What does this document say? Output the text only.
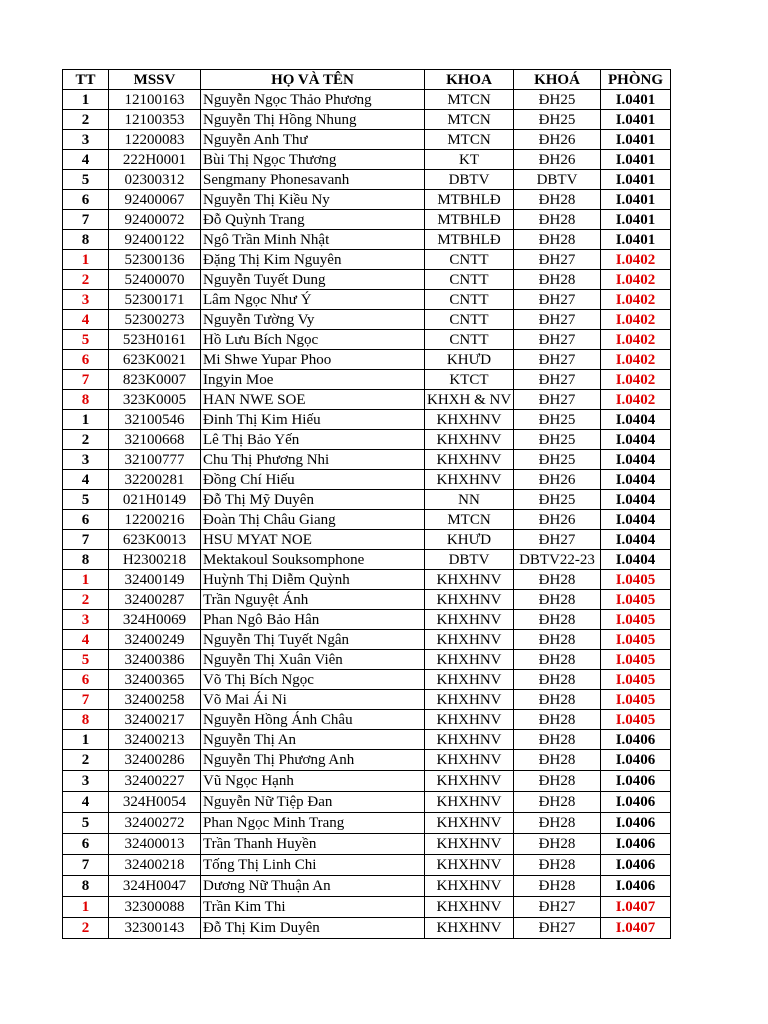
TT	MSSV	HỌ VÀ TÊN	KHOA	KHOÁ	PHÒNG
1	12100163	Nguyễn Ngọc Thảo Phương	MTCN	ĐH25	I.0401
2	12100353	Nguyễn Thị Hồng Nhung	MTCN	ĐH25	I.0401
3	12200083	Nguyễn Anh Thư	MTCN	ĐH26	I.0401
4	222H0001	Bùi Thị Ngọc Thương	KT	ĐH26	I.0401
5	02300312	Sengmany Phonesavanh	DBTV	DBTV	I.0401
6	92400067	Nguyễn Thị Kiều Ny	MTBHLĐ	ĐH28	I.0401
7	92400072	Đỗ Quỳnh Trang	MTBHLĐ	ĐH28	I.0401
8	92400122	Ngô Trần Minh Nhật	MTBHLĐ	ĐH28	I.0401
1	52300136	Đặng Thị Kim Nguyên	CNTT	ĐH27	I.0402
2	52400070	Nguyễn Tuyết Dung	CNTT	ĐH28	I.0402
3	52300171	Lâm Ngọc Như Ý	CNTT	ĐH27	I.0402
4	52300273	Nguyễn Tường Vy	CNTT	ĐH27	I.0402
5	523H0161	Hồ Lưu Bích Ngọc	CNTT	ĐH27	I.0402
6	623K0021	Mi Shwe Yupar Phoo	KHƯD	ĐH27	I.0402
7	823K0007	Ingyin Moe	KTCT	ĐH27	I.0402
8	323K0005	HAN NWE SOE	KHXH & NV	ĐH27	I.0402
1	32100546	Đinh Thị Kim Hiếu	KHXHNV	ĐH25	I.0404
2	32100668	Lê Thị Bảo Yến	KHXHNV	ĐH25	I.0404
3	32100777	Chu Thị Phương Nhi	KHXHNV	ĐH25	I.0404
4	32200281	Đồng Chí Hiếu	KHXHNV	ĐH26	I.0404
5	021H0149	Đỗ Thị Mỹ Duyên	NN	ĐH25	I.0404
6	12200216	Đoàn Thị Châu Giang	MTCN	ĐH26	I.0404
7	623K0013	HSU MYAT NOE	KHƯD	ĐH27	I.0404
8	H2300218	Mektakoul Souksomphone	DBTV	DBTV22-23	I.0404
1	32400149	Huỳnh Thị Diễm Quỳnh	KHXHNV	ĐH28	I.0405
2	32400287	Trần Nguyệt Ánh	KHXHNV	ĐH28	I.0405
3	324H0069	Phan Ngô Bảo Hân	KHXHNV	ĐH28	I.0405
4	32400249	Nguyễn Thị Tuyết Ngân	KHXHNV	ĐH28	I.0405
5	32400386	Nguyễn Thị Xuân Viên	KHXHNV	ĐH28	I.0405
6	32400365	Võ Thị Bích Ngọc	KHXHNV	ĐH28	I.0405
7	32400258	Võ Mai Ái Ni	KHXHNV	ĐH28	I.0405
8	32400217	Nguyễn Hồng Ánh Châu	KHXHNV	ĐH28	I.0405
1	32400213	Nguyễn Thị An	KHXHNV	ĐH28	I.0406
2	32400286	Nguyễn Thị Phương Anh	KHXHNV	ĐH28	I.0406
3	32400227	Vũ Ngọc Hạnh	KHXHNV	ĐH28	I.0406
4	324H0054	Nguyễn Nữ Tiệp Đan	KHXHNV	ĐH28	I.0406
5	32400272	Phan Ngọc Minh Trang	KHXHNV	ĐH28	I.0406
6	32400013	Trần Thanh Huyền	KHXHNV	ĐH28	I.0406
7	32400218	Tống Thị Linh Chi	KHXHNV	ĐH28	I.0406
8	324H0047	Dương Nữ Thuận An	KHXHNV	ĐH28	I.0406
1	32300088	Trần Kim Thi	KHXHNV	ĐH27	I.0407
2	32300143	Đỗ Thị Kim Duyên	KHXHNV	ĐH27	I.0407
